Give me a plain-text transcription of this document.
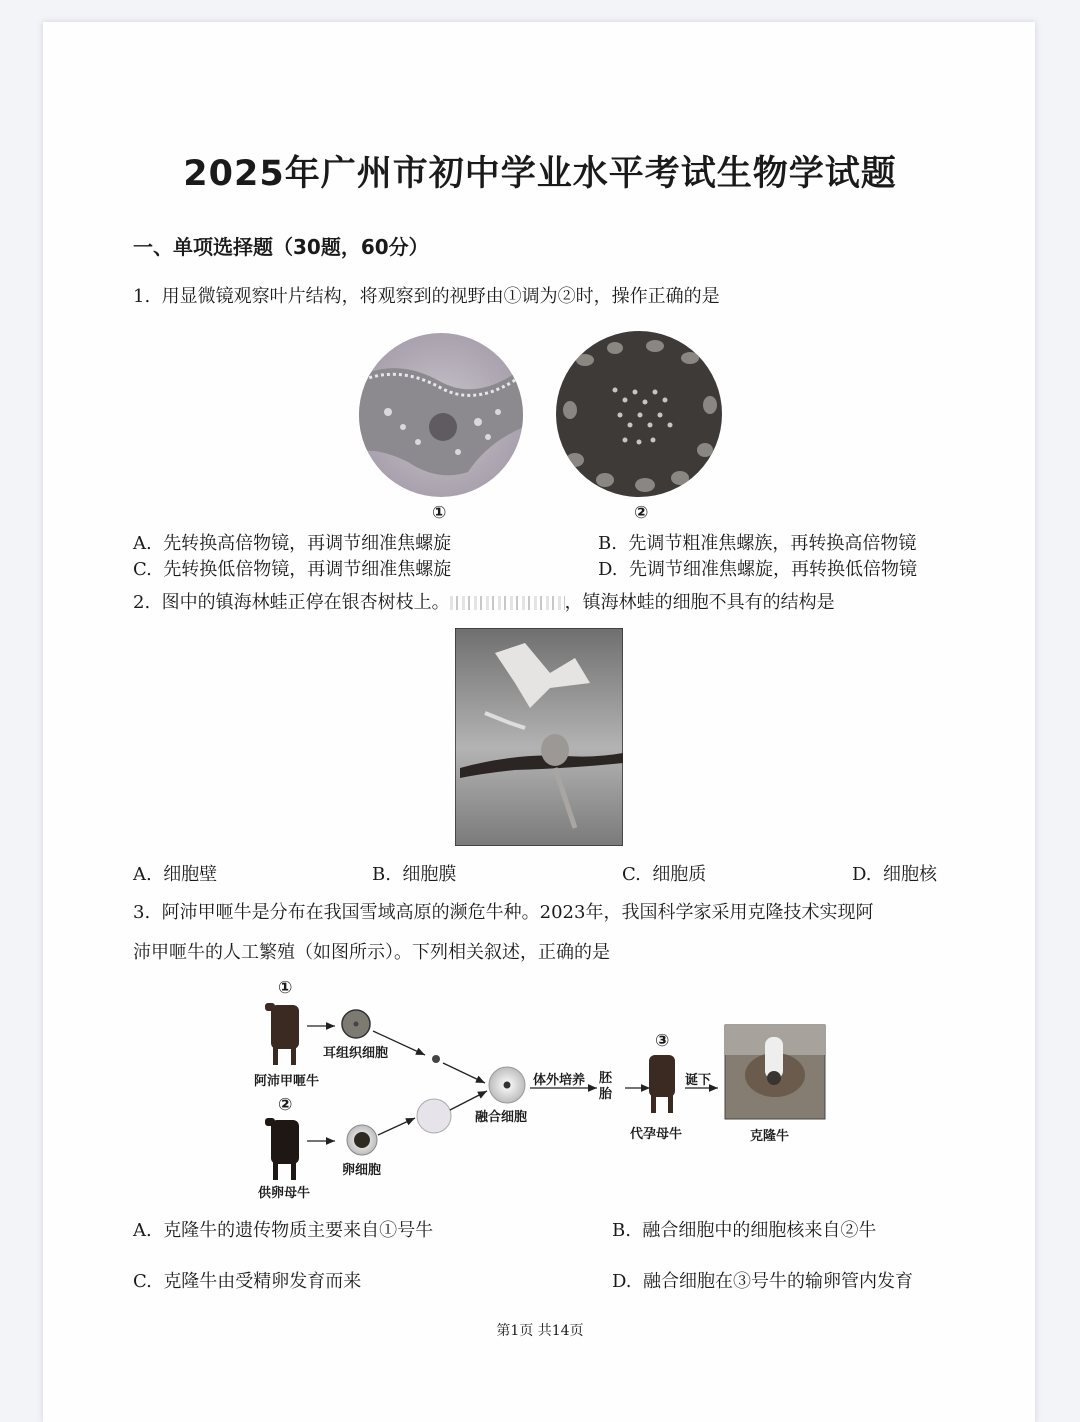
2025年广州市初中学业水平考试生物学试题
一、单项选择题（30题，60分）
1. 用显微镜观察叶片结构，将观察到的视野由①调为②时，操作正确的是
①	②
A. 先转换高倍物镜，再调节细准焦螺旋	B. 先调节粗准焦螺族，再转换高倍物镜
C. 先转换低倍物镜，再调节细准焦螺旋	D. 先调节细准焦螺旋，再转换低倍物镜
2. 图中的镇海林蛙正停在银杏树枝上。	，镇海林蛙的细胞不具有的结构是
A. 细胞壁	B. 细胞膜	C. 细胞质	D. 细胞核
3. 阿沛甲咂牛是分布在我国雪域高原的濒危牛种。2023年，我国科学家采用克隆技术实现阿
沛甲咂牛的人工繁殖（如图所示）。下列相关叙述，正确的是
①
②
③
阿沛甲咂牛
供卵母牛
耳组织细胞
卵细胞
融合细胞
体外培养 胚胎
代孕母牛
诞下
克隆牛
A. 克隆牛的遗传物质主要来自①号牛	B. 融合细胞中的细胞核来自②牛
C. 克隆牛由受精卵发育而来	D. 融合细胞在③号牛的输卵管内发育
第1页 共14页
